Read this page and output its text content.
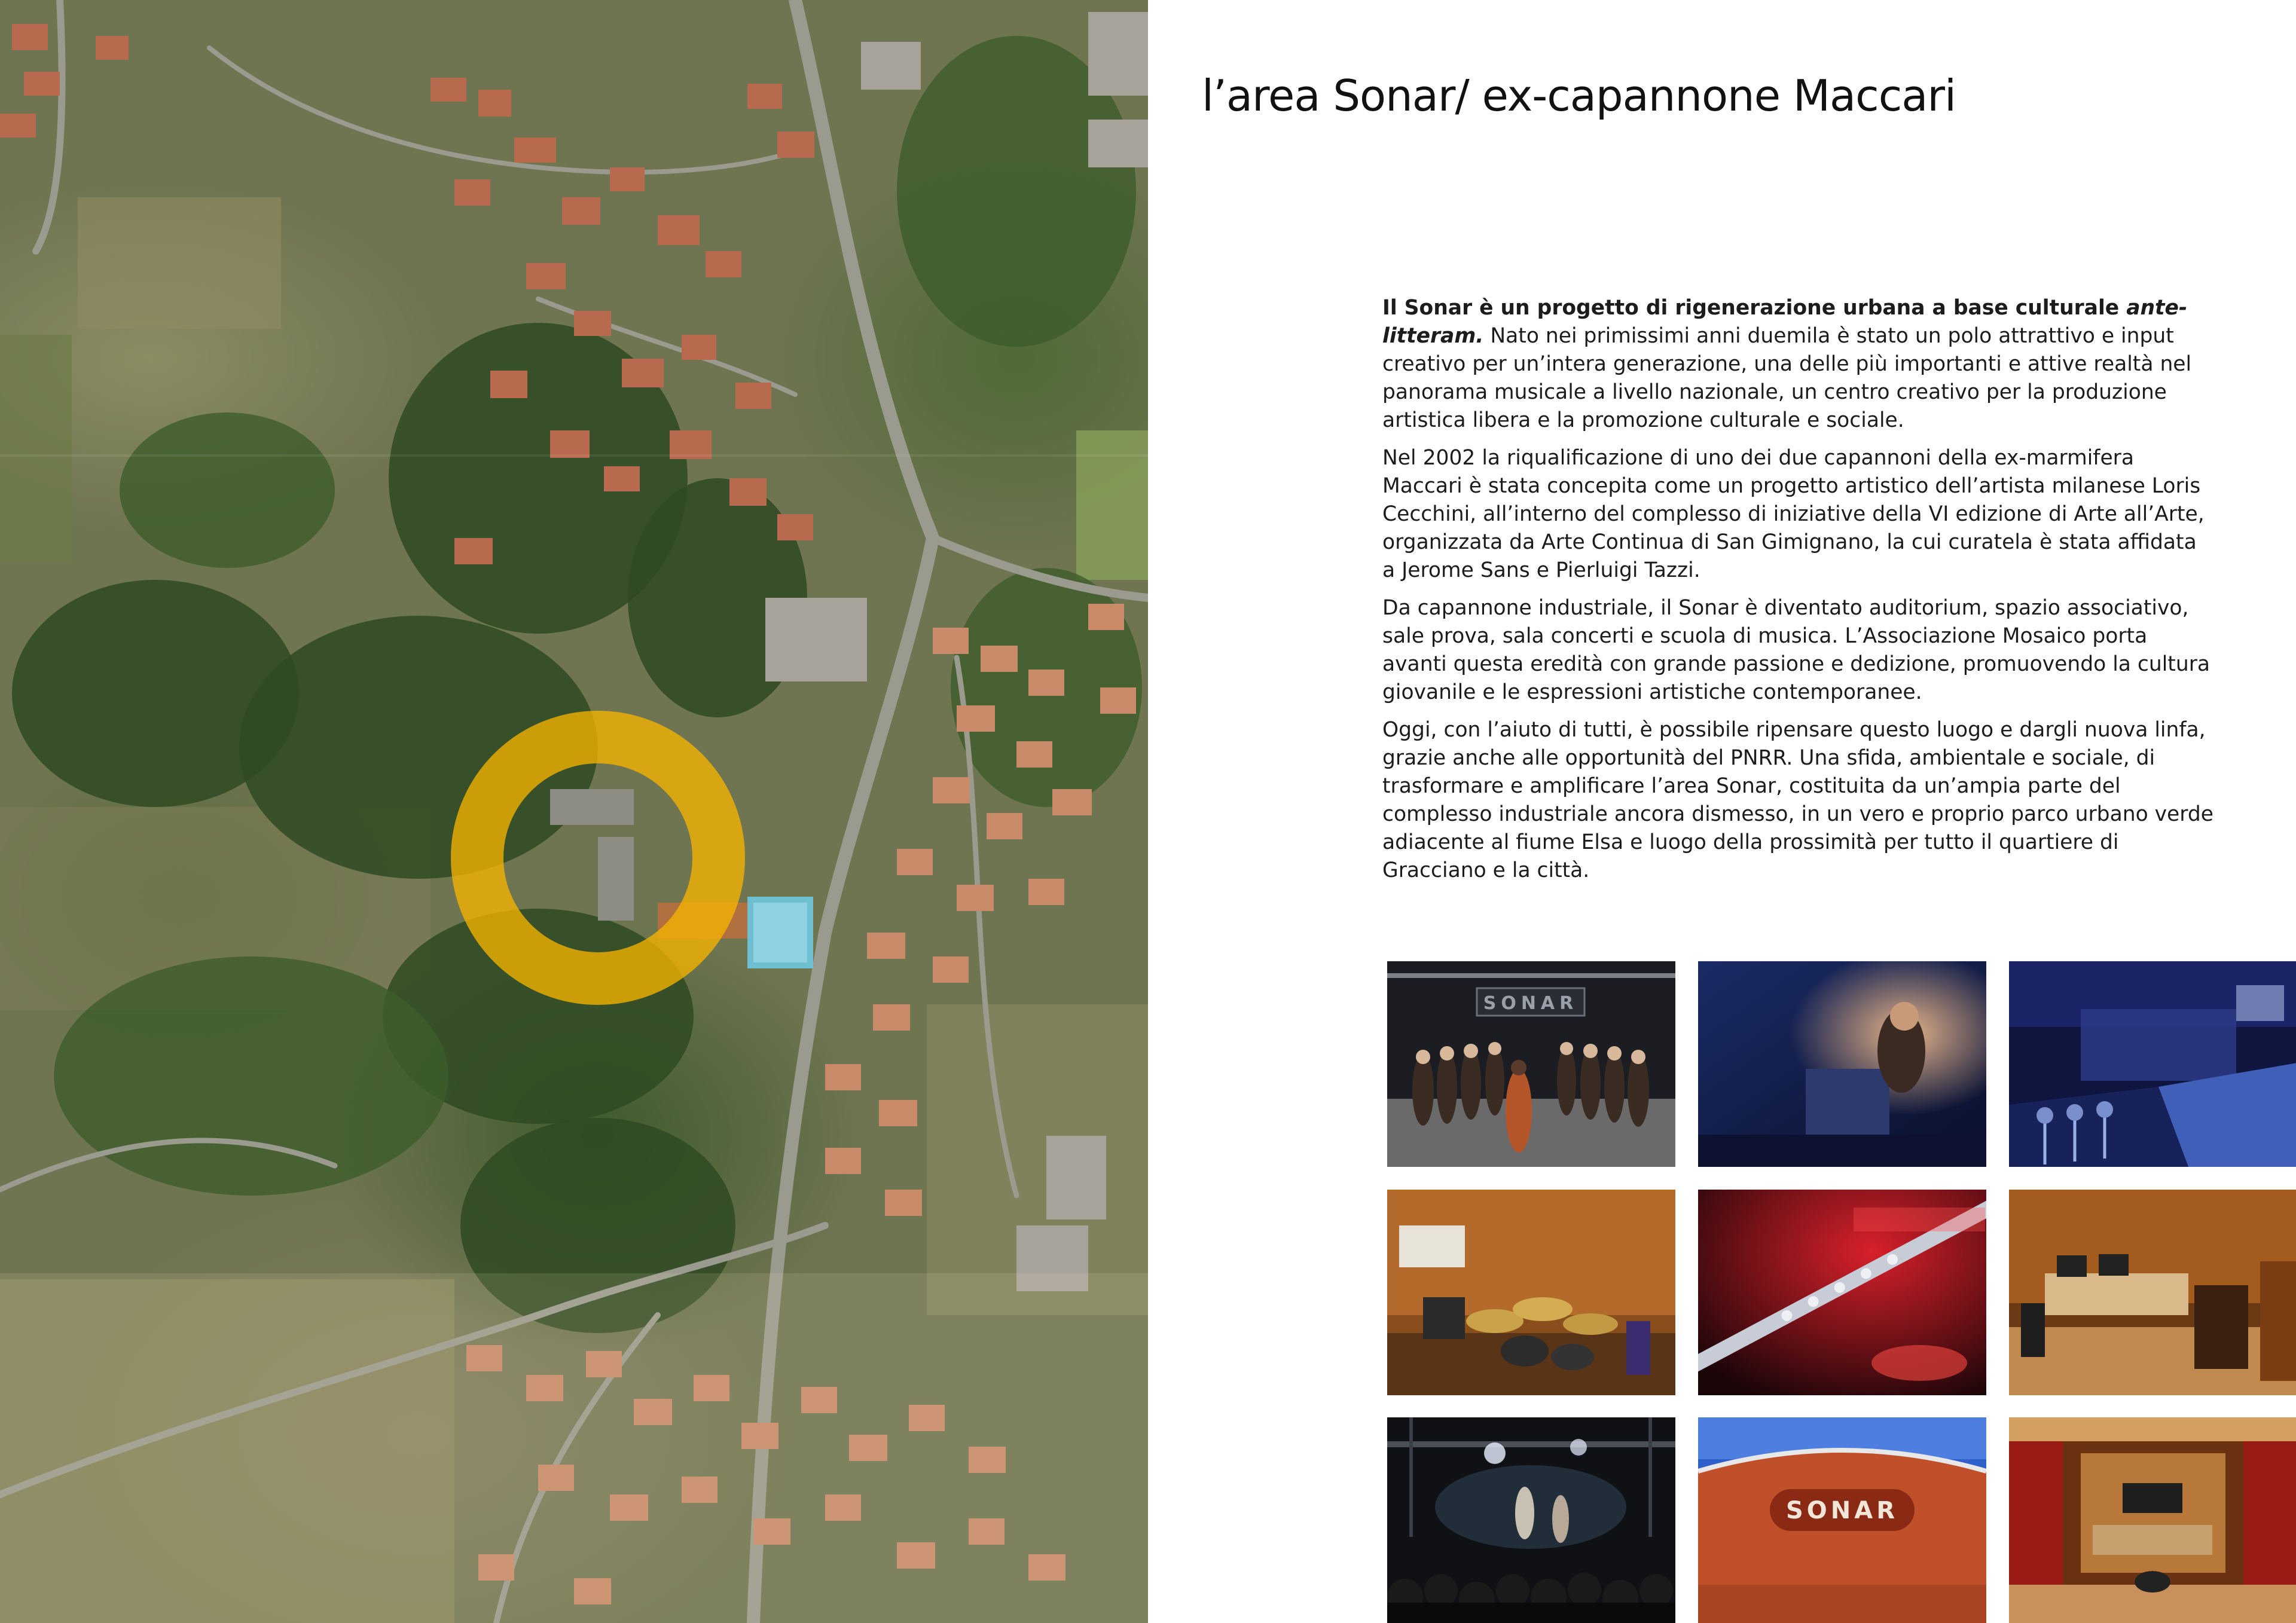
l’area Sonar/ ex-capannone Maccari

Il Sonar è un progetto di rigenerazione urbana a base culturale ante-litteram. Nato nei primissimi anni duemila è stato un polo attrattivo e input creativo per un’intera generazione, una delle più importanti e attive realtà nel panorama musicale a livello nazionale, un centro creativo per la produzione artistica libera e la promozione culturale e sociale.

Nel 2002 la riqualificazione di uno dei due capannoni della ex-marmifera Maccari è stata concepita come un progetto artistico dell’artista milanese Loris Cecchini, all’interno del complesso di iniziative della VI edizione di Arte all’Arte, organizzata da Arte Continua di San Gimignano, la cui curatela è stata affidata a Jerome Sans e Pierluigi Tazzi.

Da capannone industriale, il Sonar è diventato auditorium, spazio associativo, sale prova, sala concerti e scuola di musica. L’Associazione Mosaico porta avanti questa eredità con grande passione e dedizione, promuovendo la cultura giovanile e le espressioni artistiche contemporanee.

Oggi, con l’aiuto di tutti, è possibile ripensare questo luogo e dargli nuova linfa, grazie anche alle opportunità del PNRR. Una sfida, ambientale e sociale, di trasformare e amplificare l’area Sonar, costituita da un’ampia parte del complesso industriale ancora dismesso, in un vero e proprio parco urbano verde adiacente al fiume Elsa e luogo della prossimità per tutto il quartiere di Gracciano e la città.

SONAR
SONAR
